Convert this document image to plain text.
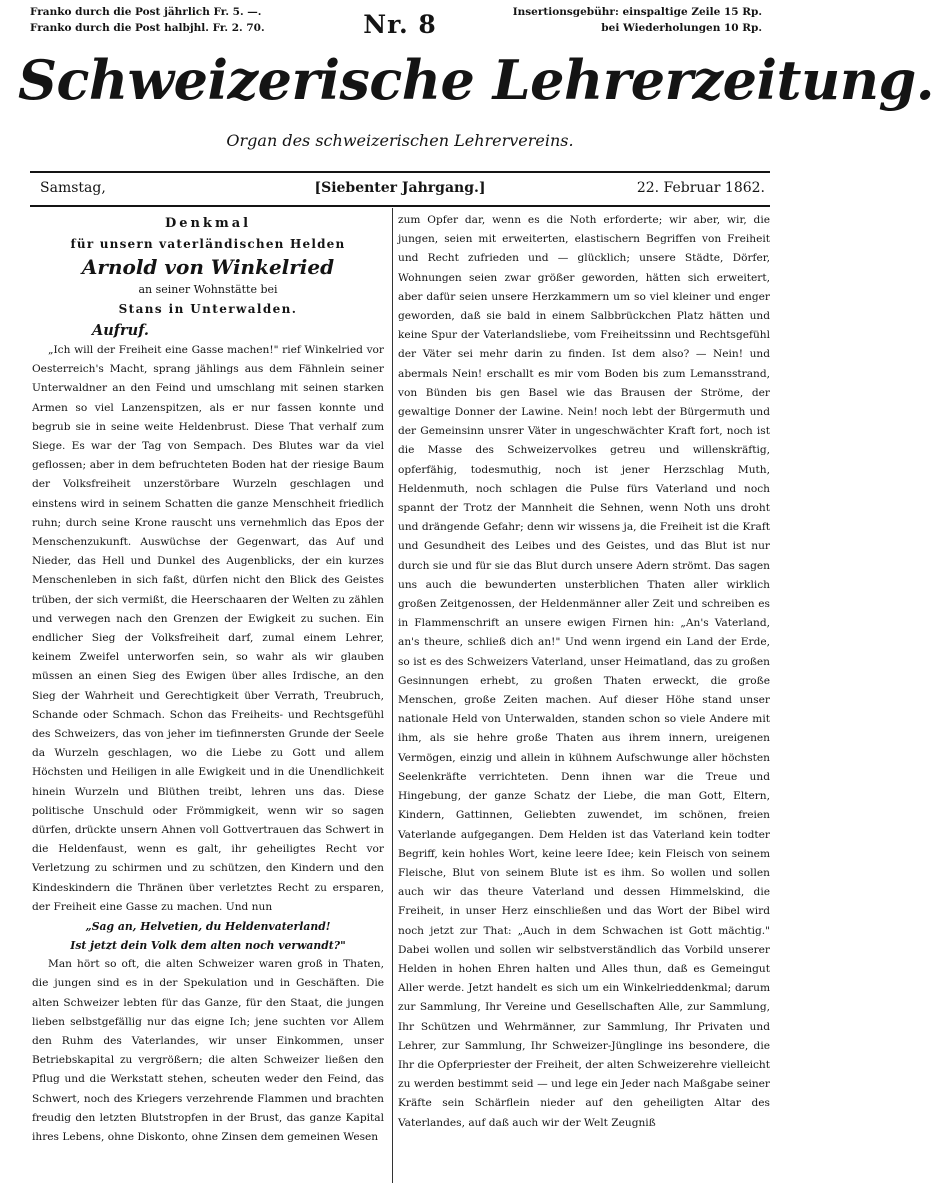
Franko durch die Post jährlich Fr. 5. —.
Franko durch die Post halbjhl. Fr. 2. 70.	Nr. 8	Insertionsgebühr: einspaltige Zeile 15 Rp.
bei Wiederholungen 10 Rp.
Schweizerische Lehrerzeitung.
Organ des schweizerischen Lehrervereins.
Samstag,	[Siebenter Jahrgang.]	22. Februar 1862.

Denkmal

für unsern vaterländischen Helden

Arnold von Winkelried

an seiner Wohnstätte bei

Stans in Unterwalden.

Aufruf.

„Ich will der Freiheit eine Gasse machen!" rief Winkelried vor Oesterreich's Macht, sprang jählings aus dem Fähnlein seiner Unterwaldner an den Feind und umschlang mit seinen starken Armen so viel Lanzenspitzen, als er nur fassen konnte und begrub sie in seine weite Heldenbrust. Diese That verhalf zum Siege. Es war der Tag von Sempach. Des Blutes war da viel geflossen; aber in dem befruchteten Boden hat der riesige Baum der Volksfreiheit unzerstörbare Wurzeln geschlagen und einstens wird in seinem Schatten die ganze Menschheit friedlich ruhn; durch seine Krone rauscht uns vernehmlich das Epos der Menschenzukunft. Auswüchse der Gegenwart, das Auf und Nieder, das Hell und Dunkel des Augenblicks, der ein kurzes Menschenleben in sich faßt, dürfen nicht den Blick des Geistes trüben, der sich vermißt, die Heerschaaren der Welten zu zählen und verwegen nach den Grenzen der Ewigkeit zu suchen. Ein endlicher Sieg der Volksfreiheit darf, zumal einem Lehrer, keinem Zweifel unterworfen sein, so wahr als wir glauben müssen an einen Sieg des Ewigen über alles Irdische, an den Sieg der Wahrheit und Gerechtigkeit über Verrath, Treubruch, Schande oder Schmach. Schon das Freiheits- und Rechtsgefühl des Schweizers, das von jeher im tiefinnersten Grunde der Seele da Wurzeln geschlagen, wo die Liebe zu Gott und allem Höchsten und Heiligen in alle Ewigkeit und in die Unendlichkeit hinein Wurzeln und Blüthen treibt, lehren uns das. Diese politische Unschuld oder Frömmigkeit, wenn wir so sagen dürfen, drückte unsern Ahnen voll Gottvertrauen das Schwert in die Heldenfaust, wenn es galt, ihr geheiligtes Recht vor Verletzung zu schirmen und zu schützen, den Kindern und den Kindeskindern die Thränen über verletztes Recht zu ersparen, der Freiheit eine Gasse zu machen. Und nun

„Sag an, Helvetien, du Heldenvaterland!

Ist jetzt dein Volk dem alten noch verwandt?"

Man hört so oft, die alten Schweizer waren groß in Thaten, die jungen sind es in der Spekulation und in Geschäften. Die alten Schweizer lebten für das Ganze, für den Staat, die jungen lieben selbstgefällig nur das eigne Ich; jene suchten vor Allem den Ruhm des Vaterlandes, wir unser Einkommen, unser Betriebskapital zu vergrößern; die alten Schweizer ließen den Pflug und die Werkstatt stehen, scheuten weder den Feind, das Schwert, noch des Kriegers verzehrende Flammen und brachten freudig den letzten Blutstropfen in der Brust, das ganze Kapital ihres Lebens, ohne Diskonto, ohne Zinsen dem gemeinen Wesen

zum Opfer dar, wenn es die Noth erforderte; wir aber, wir, die jungen, seien mit erweiterten, elastischern Begriffen von Freiheit und Recht zufrieden und — glücklich; unsere Städte, Dörfer, Wohnungen seien zwar größer geworden, hätten sich erweitert, aber dafür seien unsere Herzkammern um so viel kleiner und enger geworden, daß sie bald in einem Salbbrückchen Platz hätten und keine Spur der Vaterlandsliebe, vom Freiheitssinn und Rechtsgefühl der Väter sei mehr darin zu finden. Ist dem also? — Nein! und abermals Nein! erschallt es mir vom Boden bis zum Lemansstrand, von Bünden bis gen Basel wie das Brausen der Ströme, der gewaltige Donner der Lawine. Nein! noch lebt der Bürgermuth und der Gemeinsinn unsrer Väter in ungeschwächter Kraft fort, noch ist die Masse des Schweizervolkes getreu und willenskräftig, opferfähig, todesmuthig, noch ist jener Herzschlag Muth, Heldenmuth, noch schlagen die Pulse fürs Vaterland und noch spannt der Trotz der Mannheit die Sehnen, wenn Noth uns droht und drängende Gefahr; denn wir wissens ja, die Freiheit ist die Kraft und Gesundheit des Leibes und des Geistes, und das Blut ist nur durch sie und für sie das Blut durch unsere Adern strömt. Das sagen uns auch die bewunderten unsterblichen Thaten aller wirklich großen Zeitgenossen, der Heldenmänner aller Zeit und schreiben es in Flammenschrift an unsere ewigen Firnen hin: „An's Vaterland, an's theure, schließ dich an!" Und wenn irgend ein Land der Erde, so ist es des Schweizers Vaterland, unser Heimatland, das zu großen Gesinnungen erhebt, zu großen Thaten erweckt, die große Menschen, große Zeiten machen. Auf dieser Höhe stand unser nationale Held von Unterwalden, standen schon so viele Andere mit ihm, als sie hehre große Thaten aus ihrem innern, ureigenen Vermögen, einzig und allein in kühnem Aufschwunge aller höchsten Seelenkräfte verrichteten. Denn ihnen war die Treue und Hingebung, der ganze Schatz der Liebe, die man Gott, Eltern, Kindern, Gattinnen, Geliebten zuwendet, im schönen, freien Vaterlande aufgegangen. Dem Helden ist das Vaterland kein todter Begriff, kein hohles Wort, keine leere Idee; kein Fleisch von seinem Fleische, Blut von seinem Blute ist es ihm. So wollen und sollen auch wir das theure Vaterland und dessen Himmelskind, die Freiheit, in unser Herz einschließen und das Wort der Bibel wird noch jetzt zur That: „Auch in dem Schwachen ist Gott mächtig." Dabei wollen und sollen wir selbstverständlich das Vorbild unserer Helden in hohen Ehren halten und Alles thun, daß es Gemeingut Aller werde. Jetzt handelt es sich um ein Winkelrieddenkmal; darum zur Sammlung, Ihr Vereine und Gesellschaften Alle, zur Sammlung, Ihr Schützen und Wehrmänner, zur Sammlung, Ihr Privaten und Lehrer, zur Sammlung, Ihr Schweizer-Jünglinge ins besondere, die Ihr die Opferpriester der Freiheit, der alten Schweizerehre vielleicht zu werden bestimmt seid — und lege ein Jeder nach Maßgabe seiner Kräfte sein Schärflein nieder auf den geheiligten Altar des Vaterlandes, auf daß auch wir der Welt Zeugniß
